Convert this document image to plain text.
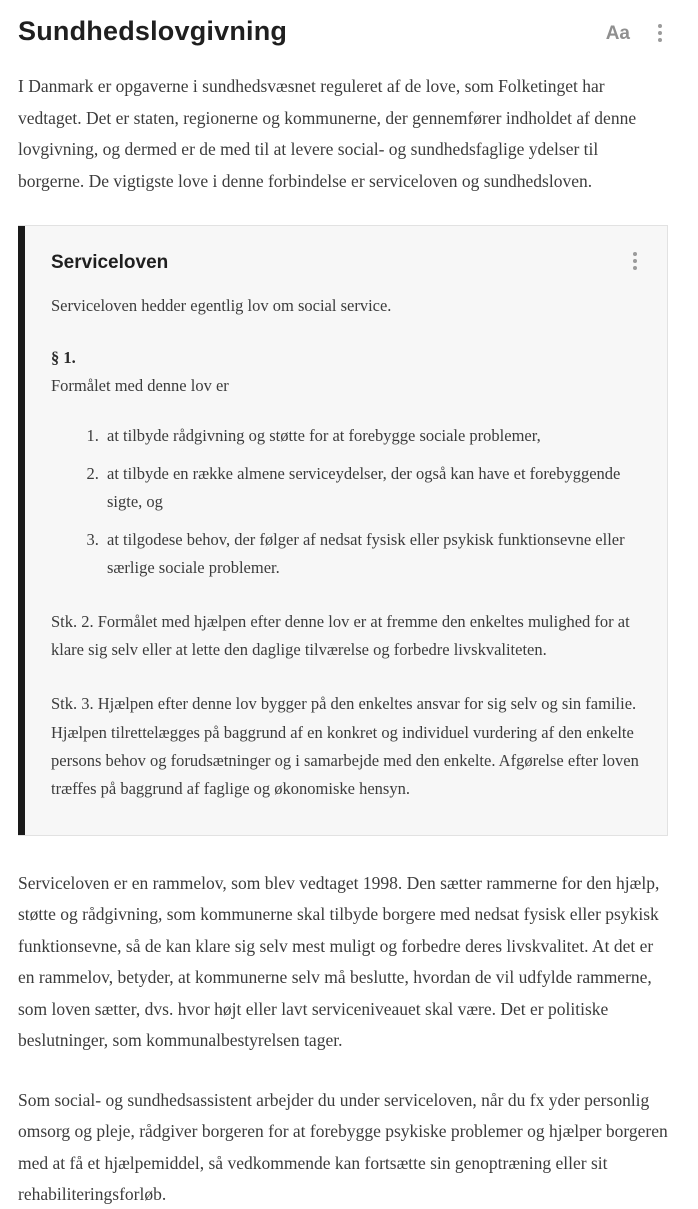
Sundhedslovgivning	Aa

I Danmark er opgaverne i sundhedsvæsnet reguleret af de love, som Folketinget har vedtaget. Det er staten, regionerne og kommunerne, der gennemfører indholdet af denne lovgivning, og dermed er de med til at levere social- og sundhedsfaglige ydelser til borgerne. De vigtigste love i denne forbindelse er serviceloven og sundhedsloven.

Serviceloven

Serviceloven hedder egentlig lov om social service.

§ 1.
Formålet med denne lov er

1. at tilbyde rådgivning og støtte for at forebygge sociale problemer,
2. at tilbyde en række almene serviceydelser, der også kan have et forebyggende sigte, og
3. at tilgodese behov, der følger af nedsat fysisk eller psykisk funktionsevne eller særlige sociale problemer.

Stk. 2. Formålet med hjælpen efter denne lov er at fremme den enkeltes mulighed for at klare sig selv eller at lette den daglige tilværelse og forbedre livskvaliteten.

Stk. 3. Hjælpen efter denne lov bygger på den enkeltes ansvar for sig selv og sin familie. Hjælpen tilrettelægges på baggrund af en konkret og individuel vurdering af den enkelte persons behov og forudsætninger og i samarbejde med den enkelte. Afgørelse efter loven træffes på baggrund af faglige og økonomiske hensyn.

Serviceloven er en rammelov, som blev vedtaget 1998. Den sætter rammerne for den hjælp, støtte og rådgivning, som kommunerne skal tilbyde borgere med nedsat fysisk eller psykisk funktionsevne, så de kan klare sig selv mest muligt og forbedre deres livskvalitet. At det er en rammelov, betyder, at kommunerne selv må beslutte, hvordan de vil udfylde rammerne, som loven sætter, dvs. hvor højt eller lavt serviceniveauet skal være. Det er politiske beslutninger, som kommunalbestyrelsen tager.

Som social- og sundhedsassistent arbejder du under serviceloven, når du fx yder personlig omsorg og pleje, rådgiver borgeren for at forebygge psykiske problemer og hjælper borgeren med at få et hjælpemiddel, så vedkommende kan fortsætte sin genoptræning eller sit rehabiliteringsforløb.
